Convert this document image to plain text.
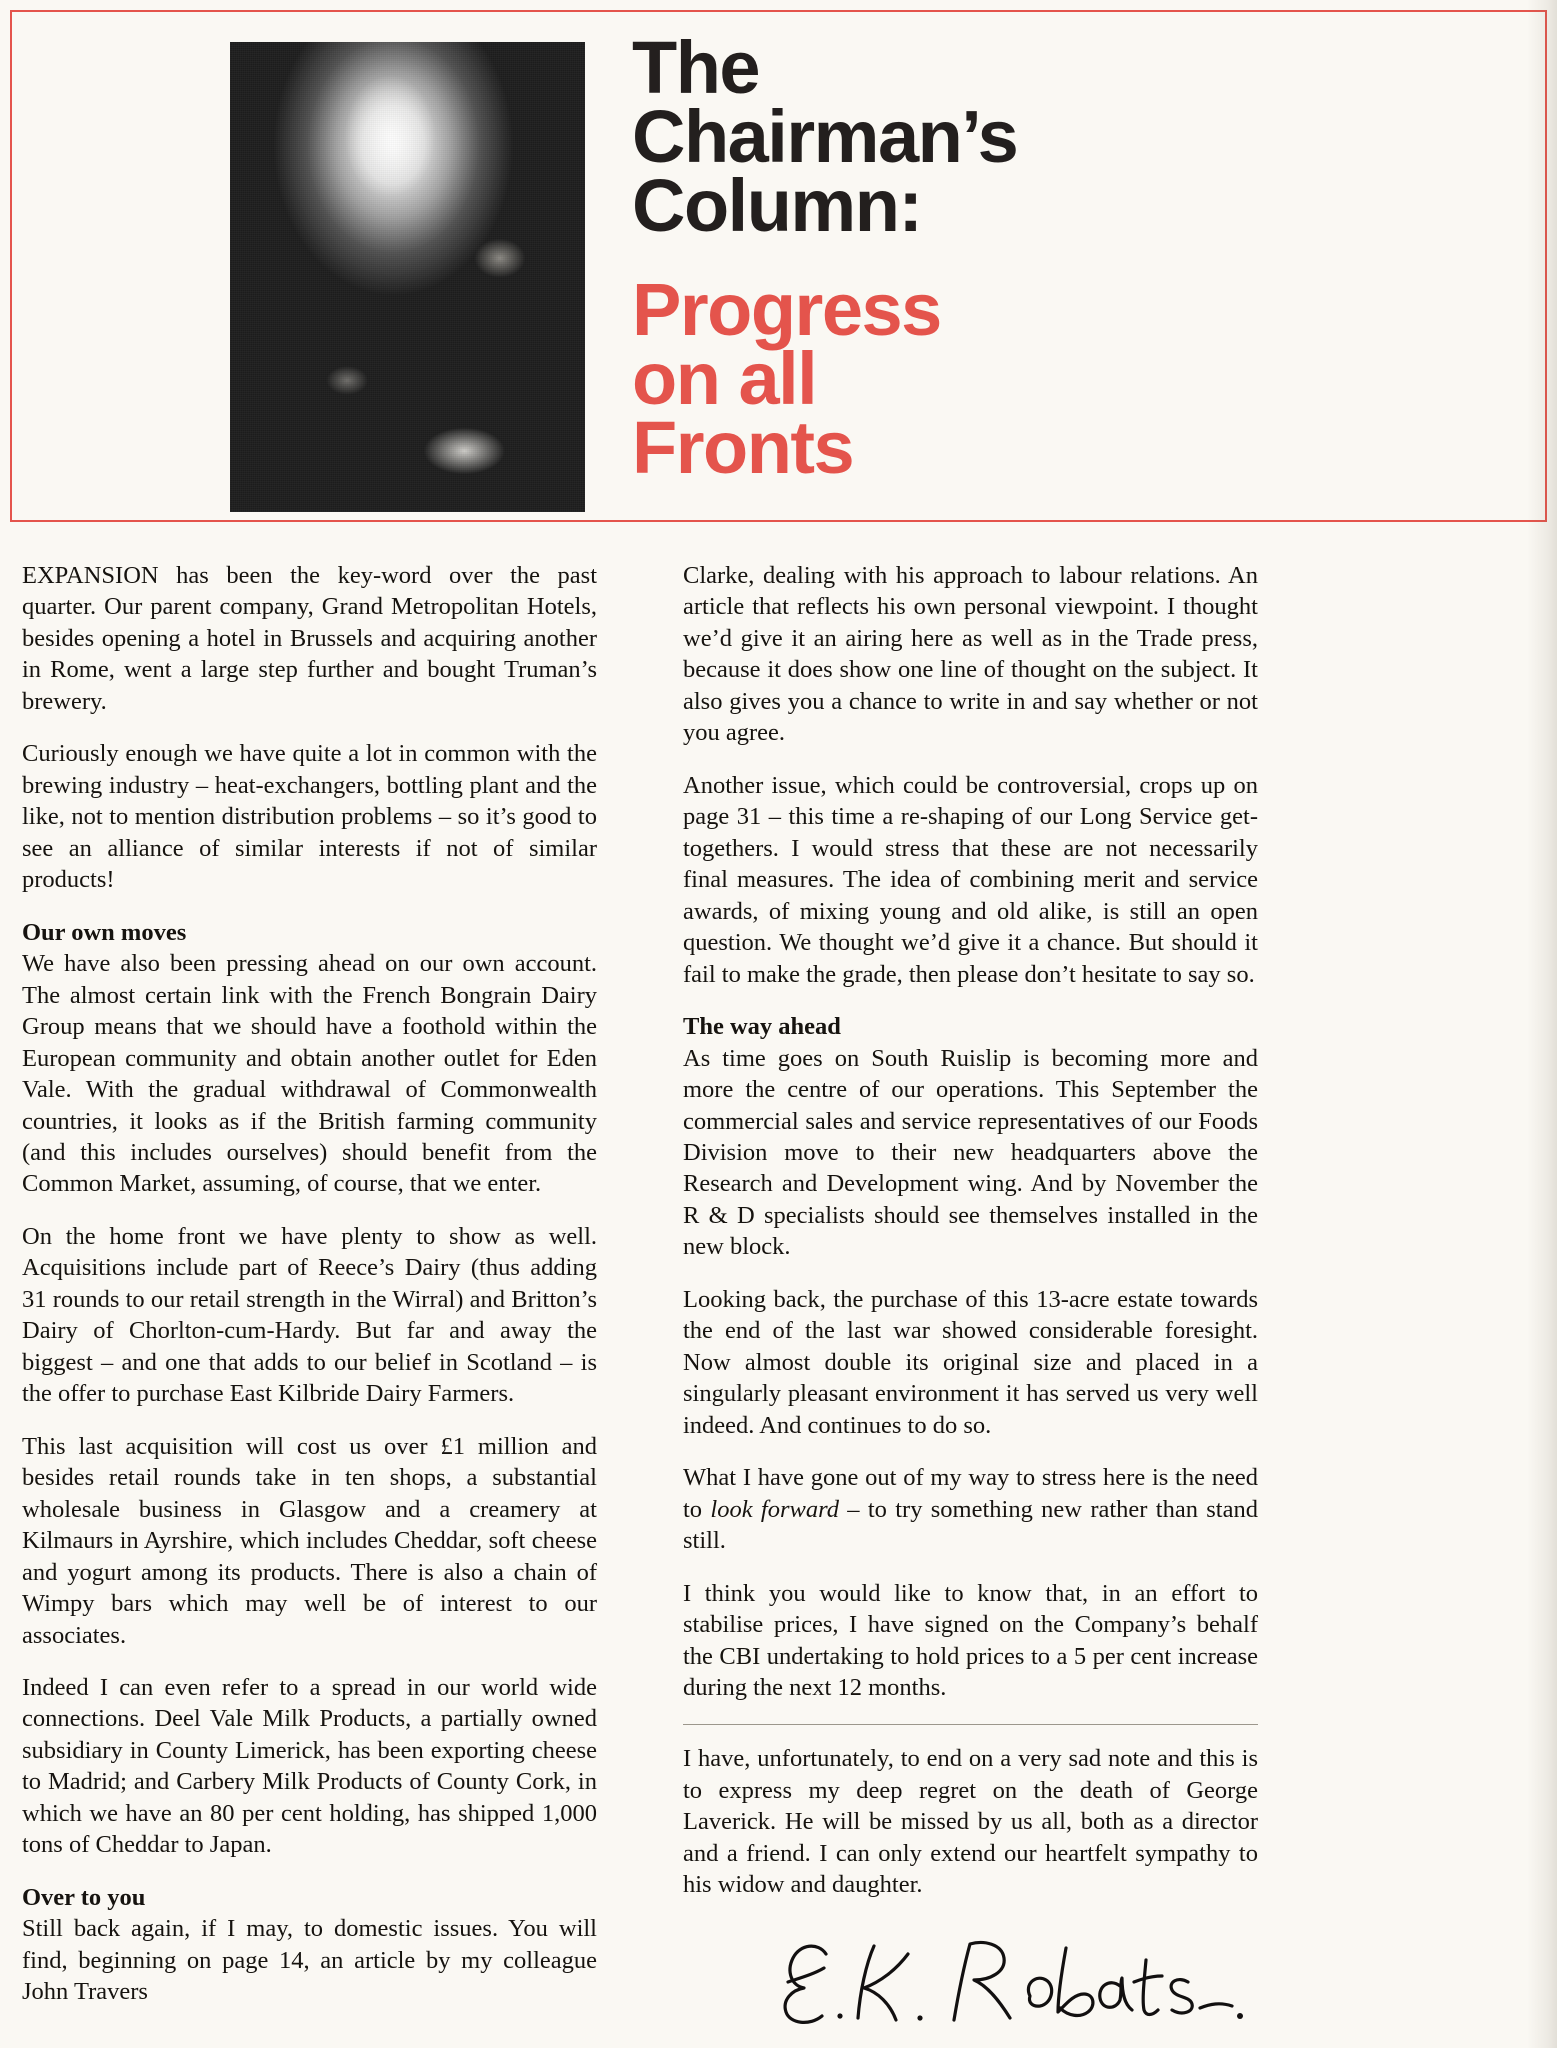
The
Chairman’s
Column:
Progress
on all
Fronts

EXPANSION has been the key-word over the past quarter. Our parent company, Grand Metropolitan Hotels, besides opening a hotel in Brussels and acquiring another in Rome, went a large step further and bought Truman’s brewery.

Curiously enough we have quite a lot in common with the brewing industry – heat-exchangers, bottling plant and the like, not to mention distribution problems – so it’s good to see an alliance of similar interests if not of similar products!

Our own moves

We have also been pressing ahead on our own account. The almost certain link with the French Bongrain Dairy Group means that we should have a foothold within the European community and obtain another outlet for Eden Vale. With the gradual withdrawal of Commonwealth countries, it looks as if the British farming community (and this includes ourselves) should benefit from the Common Market, assuming, of course, that we enter.

On the home front we have plenty to show as well. Acquisitions include part of Reece’s Dairy (thus adding 31 rounds to our retail strength in the Wirral) and Britton’s Dairy of Chorlton-cum-Hardy. But far and away the biggest – and one that adds to our belief in Scotland – is the offer to purchase East Kilbride Dairy Farmers.

This last acquisition will cost us over £1 million and besides retail rounds take in ten shops, a substantial wholesale business in Glasgow and a creamery at Kilmaurs in Ayrshire, which includes Cheddar, soft cheese and yogurt among its products. There is also a chain of Wimpy bars which may well be of interest to our associates.

Indeed I can even refer to a spread in our world wide connections. Deel Vale Milk Products, a partially owned subsidiary in County Limerick, has been exporting cheese to Madrid; and Carbery Milk Products of County Cork, in which we have an 80 per cent holding, has shipped 1,000 tons of Cheddar to Japan.

Over to you

Still back again, if I may, to domestic issues. You will find, beginning on page 14, an article by my colleague John Travers

Clarke, dealing with his approach to labour relations. An article that reflects his own personal viewpoint. I thought we’d give it an airing here as well as in the Trade press, because it does show one line of thought on the subject. It also gives you a chance to write in and say whether or not you agree.

Another issue, which could be controversial, crops up on page 31 – this time a re-shaping of our Long Service get-togethers. I would stress that these are not necessarily final measures. The idea of combining merit and service awards, of mixing young and old alike, is still an open question. We thought we’d give it a chance. But should it fail to make the grade, then please don’t hesitate to say so.

The way ahead

As time goes on South Ruislip is becoming more and more the centre of our operations. This September the commercial sales and service representatives of our Foods Division move to their new headquarters above the Research and Development wing. And by November the R & D specialists should see themselves installed in the new block.

Looking back, the purchase of this 13-acre estate towards the end of the last war showed considerable foresight. Now almost double its original size and placed in a singularly pleasant environment it has served us very well indeed. And continues to do so.

What I have gone out of my way to stress here is the need to look forward – to try something new rather than stand still.

I think you would like to know that, in an effort to stabilise prices, I have signed on the Company’s behalf the CBI undertaking to hold prices to a 5 per cent increase during the next 12 months.

I have, unfortunately, to end on a very sad note and this is to express my deep regret on the death of George Laverick. He will be missed by us all, both as a director and a friend. I can only extend our heartfelt sympathy to his widow and daughter.
